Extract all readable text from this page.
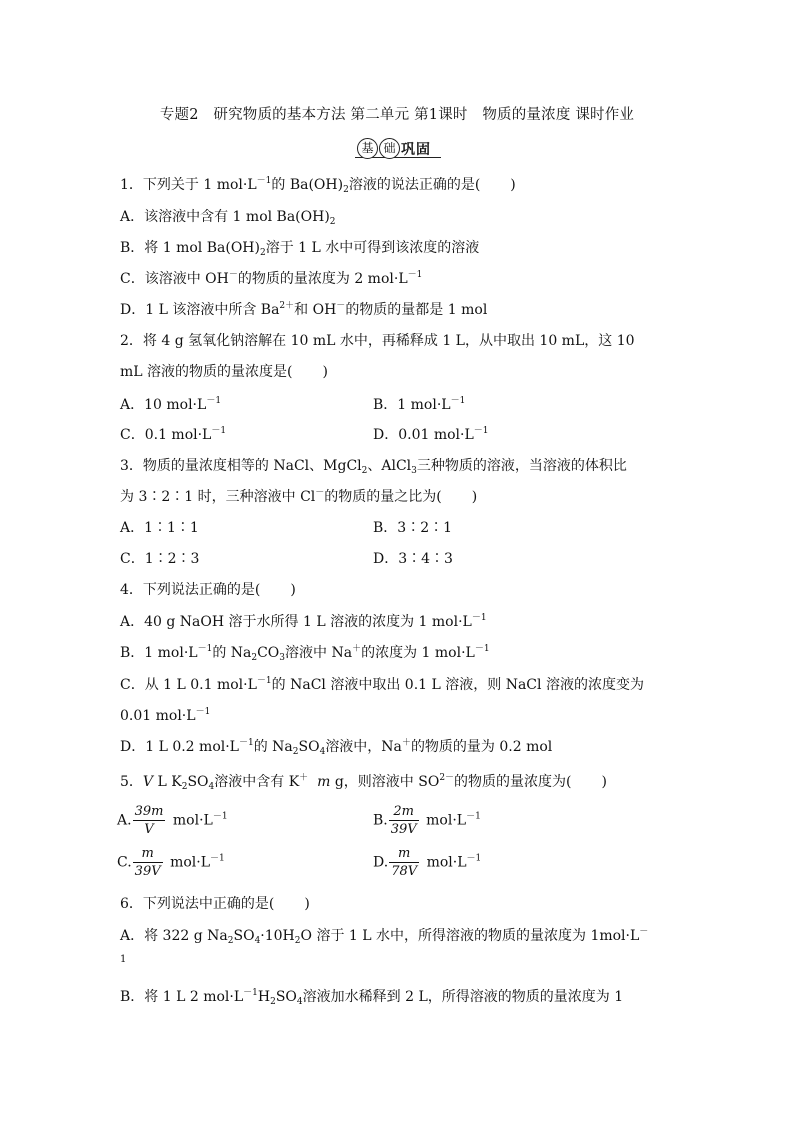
专题2　研究物质的基本方法 第二单元 第1课时　物质的量浓度 课时作业
基 础 巩固
1．下列关于 1 $mol\cdot L^{-1}$的 $Ba(OH)_2$溶液的说法正确的是( )
A．该溶液中含有 1 mol $Ba(OH)_2$
B．将 1 mol $Ba(OH)_2$溶于 1 L 水中可得到该浓度的溶液
C．该溶液中 OH－的物质的量浓度为 2 $mol\cdot L^{-1}$
D．1 L 该溶液中所含 $Ba^{2+}$和 OH－的物质的量都是 1 mol
2．将 4 g 氢氧化钠溶解在 10 mL 水中，再稀释成 1 L，从中取出 10 mL，这 10
mL 溶液的物质的量浓度是( )
A．10 $mol\cdot L^{-1}$	B．1 $mol\cdot L^{-1}$
C．0.1 $mol\cdot L^{-1}$	D．0.01 $mol\cdot L^{-1}$
3．物质的量浓度相等的 NaCl、MgCl$_2$、AlCl$_3$三种物质的溶液，当溶液的体积比
为 3∶2∶1 时，三种溶液中 Cl－的物质的量之比为( )
A．1∶1∶1	B．3∶2∶1
C．1∶2∶3	D．3∶4∶3
4．下列说法正确的是( )
A．40 g NaOH 溶于水所得 1 L 溶液的浓度为 1 $mol\cdot L^{-1}$
B．1 $mol\cdot L^{-1}$的 $Na_2CO_3$溶液中 Na＋的浓度为 1 $mol\cdot L^{-1}$
C．从 1 L 0.1 $mol\cdot L^{-1}$的 NaCl 溶液中取出 0.1 L 溶液，则 NaCl 溶液的浓度变为
0.01 $mol\cdot L^{-1}$
D．1 L 0.2 $mol\cdot L^{-1}$的 $Na_2SO_4$溶液中，Na＋的物质的量为 0.2 mol
5．V L $K_2SO_4$溶液中含有 K＋ m g，则溶液中 $SO^{2-}$的物质的量浓度为( )
A. $\frac{39m}{V} mol\cdot L^{-1}$	B. $\frac{2m}{39V} mol\cdot L^{-1}$
C. $\frac{m}{39V} mol\cdot L^{-1}$	D. $\frac{m}{78V} mol\cdot L^{-1}$
6．下列说法中正确的是( )
A．将 322 g $Na_2SO_4\cdot 10H_2O$ 溶于 1 L 水中，所得溶液的物质的量浓度为 1mol·L－
1
B．将 1 L 2 $mol\cdot L^{-1}H_2SO_4$溶液加水稀释到 2 L，所得溶液的物质的量浓度为 1
